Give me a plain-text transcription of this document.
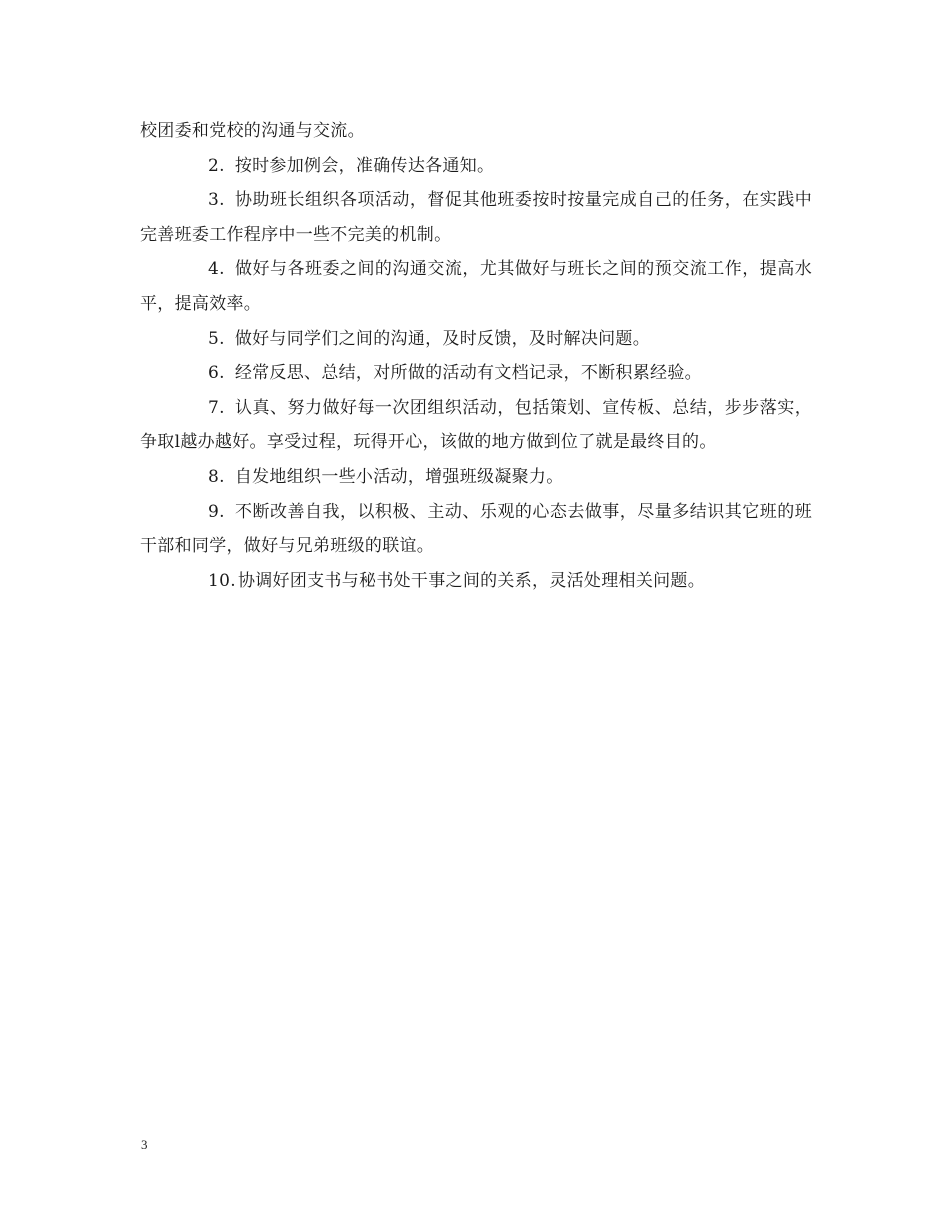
校团委和党校的沟通与交流。

2. 按时参加例会，准确传达各通知。

3. 协助班长组织各项活动，督促其他班委按时按量完成自己的任务，在实践中完善班委工作程序中一些不完美的机制。

4. 做好与各班委之间的沟通交流，尤其做好与班长之间的预交流工作，提高水平，提高效率。

5. 做好与同学们之间的沟通，及时反馈，及时解决问题。

6. 经常反思、总结，对所做的活动有文档记录，不断积累经验。

7. 认真、努力做好每一次团组织活动，包括策划、宣传板、总结，步步落实，争取l越办越好。享受过程，玩得开心，该做的地方做到位了就是最终目的。

8. 自发地组织一些小活动，增强班级凝聚力。

9. 不断改善自我，以积极、主动、乐观的心态去做事，尽量多结识其它班的班干部和同学，做好与兄弟班级的联谊。

10. 协调好团支书与秘书处干事之间的关系，灵活处理相关问题。

3
